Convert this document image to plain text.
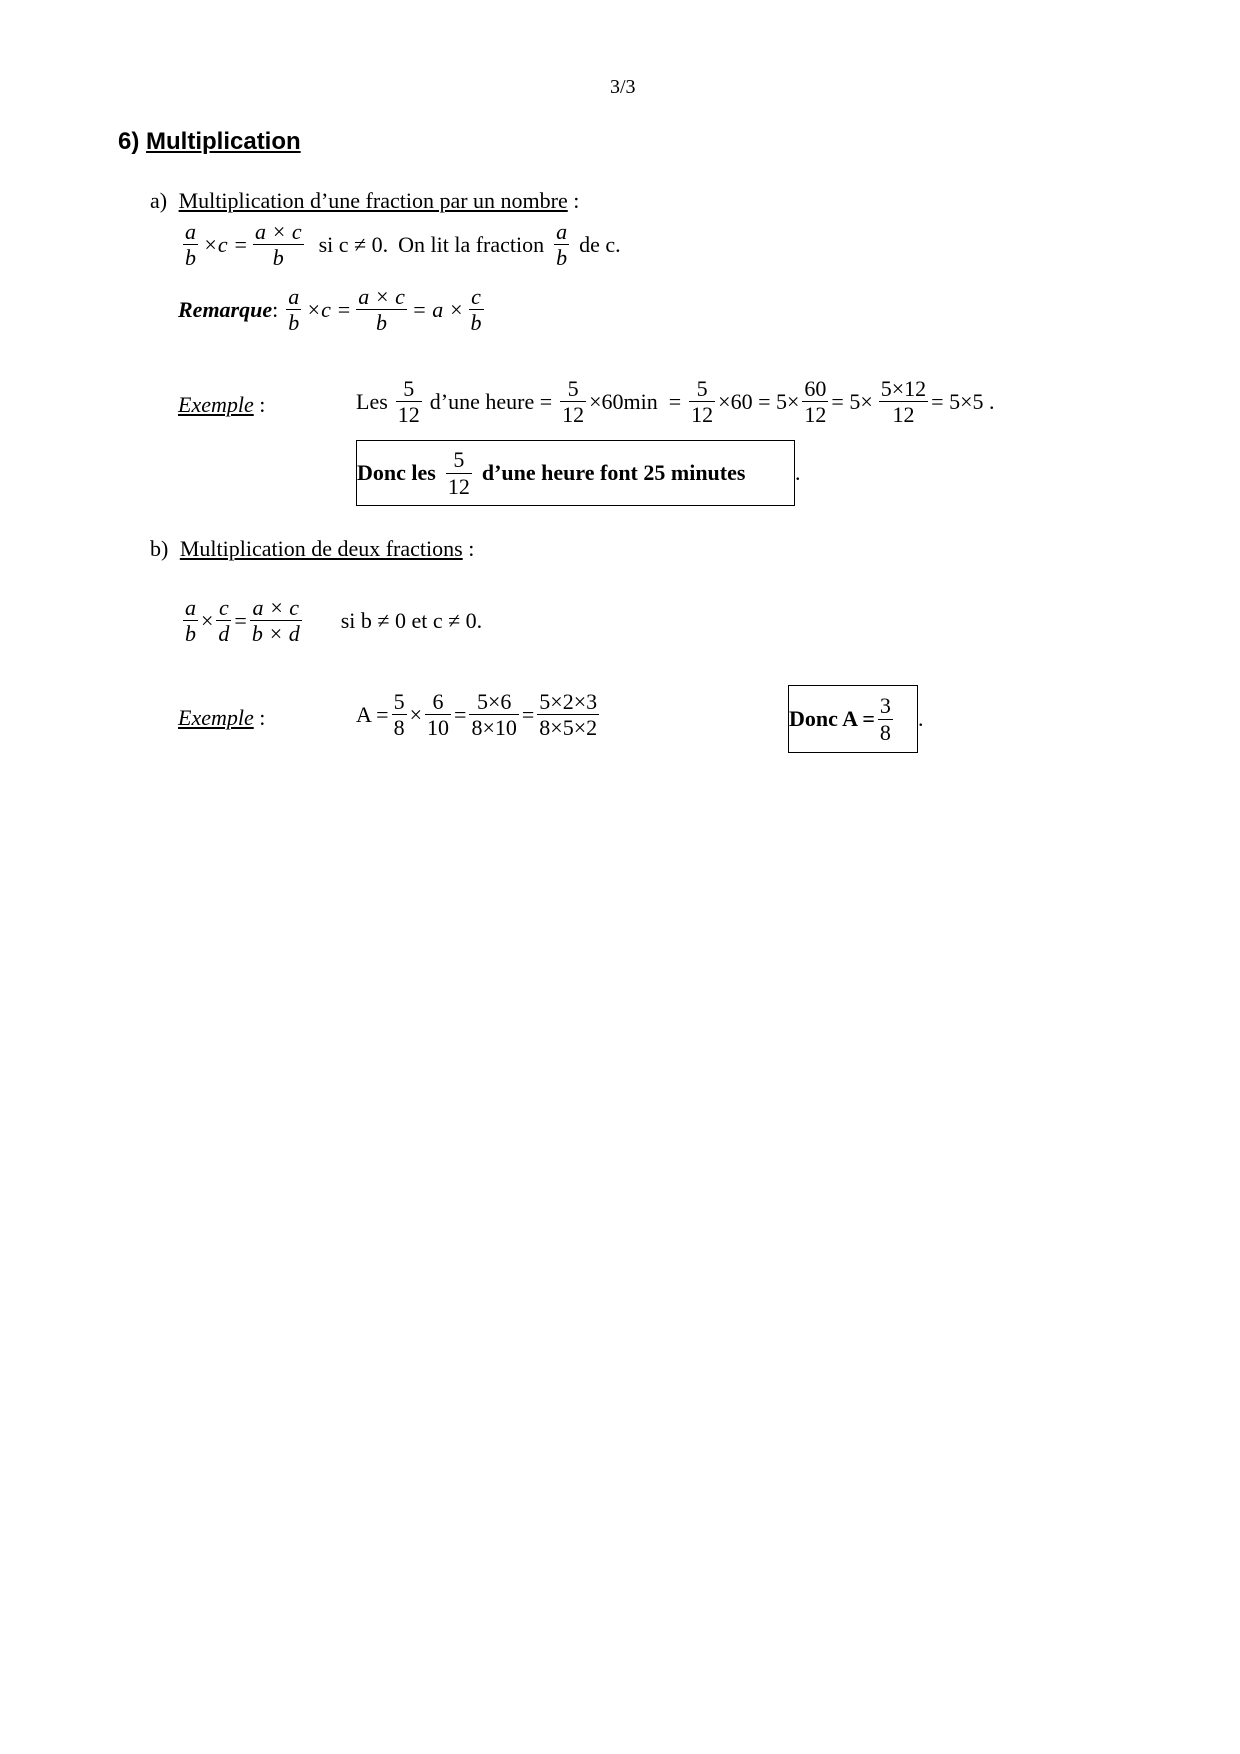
3/3
6) Multiplication
a) Multiplication d’une fraction par un nombre :
$\frac{a}{b} \times c = \frac{a \times c}{b}$ si c ≠ 0. On lit la fraction $\frac{a}{b}$ de c.
Remarque : $\frac{a}{b} \times c = \frac{a \times c}{b} = a \times \frac{c}{b}$
Exemple :	Les $\frac{5}{12}$ d’une heure = $\frac{5}{12} \times 60\min = \frac{5}{12} \times 60 = 5\times \frac{60}{12} = 5\times \frac{5\times 12}{12} = 5\times 5$ .
Donc les $\frac{5}{12}$ d’une heure font 25 minutes .
b) Multiplication de deux fractions :
$\frac{a}{b} \times \frac{c}{d} = \frac{a \times c}{b \times d}$ si b ≠ 0 et c ≠ 0.
Exemple :	$A = \frac{5}{8} \times \frac{6}{10} = \frac{5\times 6}{8\times 10} = \frac{5\times 2\times 3}{8\times 5\times 2}$	Donc $A = \frac{3}{8}$ .
